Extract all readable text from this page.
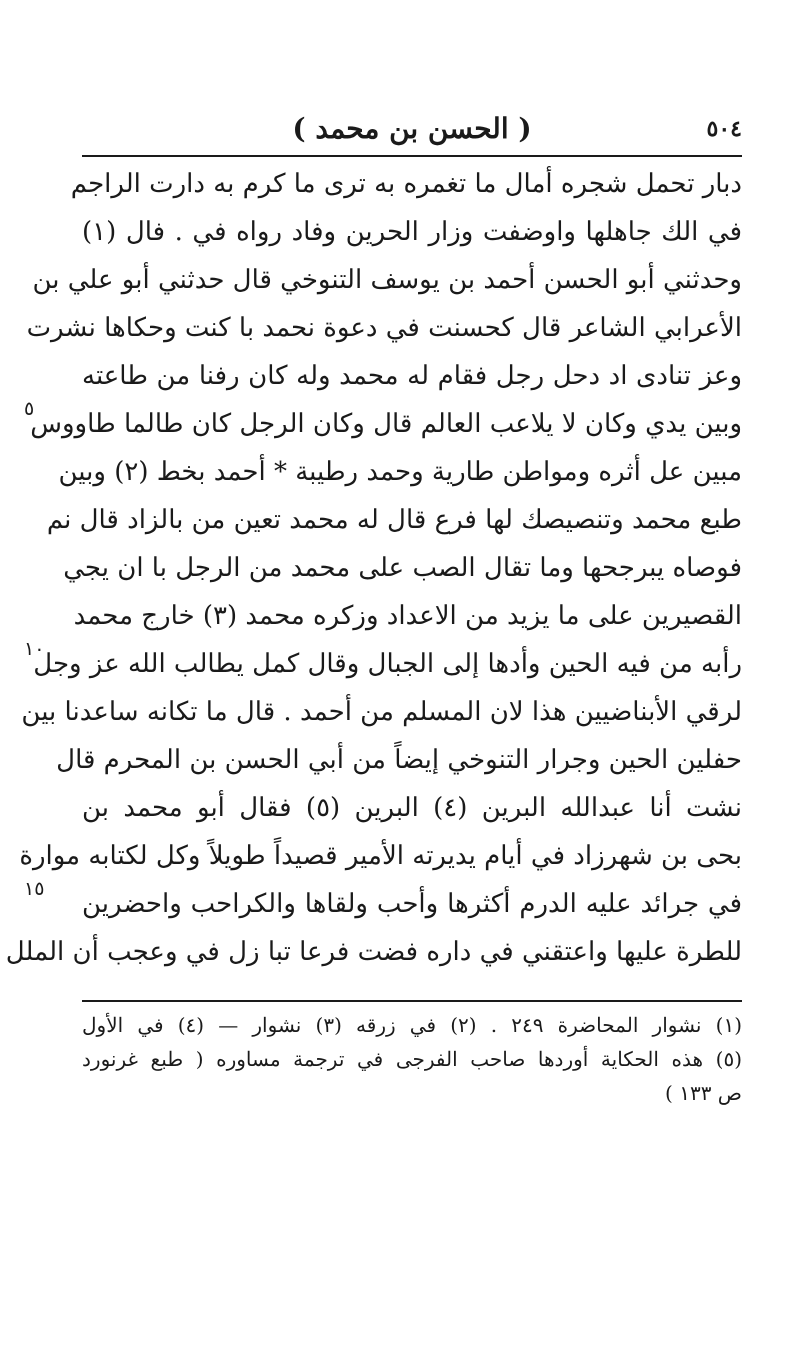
٥٠٤
( الحسن بن محمد )
دبار تحمل شجره أمال ما تغمره به ترى ما كرم به دارت الراجم
في الك جاهلها واوضفت وزار الحرين وفاد رواه في . فال (١)
وحدثني أبو الحسن أحمد بن يوسف التنوخي قال حدثني أبو علي بن
الأعرابي الشاعر قال كحسنت في دعوة نحمد با كنت وحكاها نشرت
وعز تنادى اد دحل رجل فقام له محمد وله كان رفنا من طاعته
وبين يدي وكان لا يلاعب العالم قال وكان الرجل كان طالما طاووس
مبين عل أثره ومواطن طارية وحمد رطيبة * أحمد بخط (٢) وبين
طبع محمد وتنصيصك لها فرع قال له محمد تعين من بالزاد قال نم
فوصاه يبرجحها وما تقال الصب على محمد من الرجل با ان يجي
القصيرين على ما يزيد من الاعداد وزكره محمد (٣) خارج محمد
رأبه من فيه الحين وأدها إلى الجبال وقال كمل يطالب الله عز وجل
لرقي الأبناضيين هذا لان المسلم من أحمد . قال ما تكانه ساعدنا بين
حفلين الحين وجرار التنوخي إيضاً من أبي الحسن بن المحرم قال
نشت أنا عبدالله البرين (٤) البرين (٥) فقال أبو محمد بن
بحى بن شهرزاد في أيام يديرته الأمير قصيداً طويلاً وكل لكتابه موارة
في جرائد عليه الدرم أكثرها وأحب ولقاها والكراحب واحضرين
للطرة عليها واعتقني في داره فضت فرعا تبا زل في وعجب أن الملل
٥
١٠
١٥
(١) نشوار المحاضرة ٢٤٩ . (٢) في زرقه (٣) نشوار — (٤) في الأول
(٥) هذه الحكاية أوردها صاحب الفرجى في ترجمة مساوره ( طبع غرنورد
ص ١٣٣ )
